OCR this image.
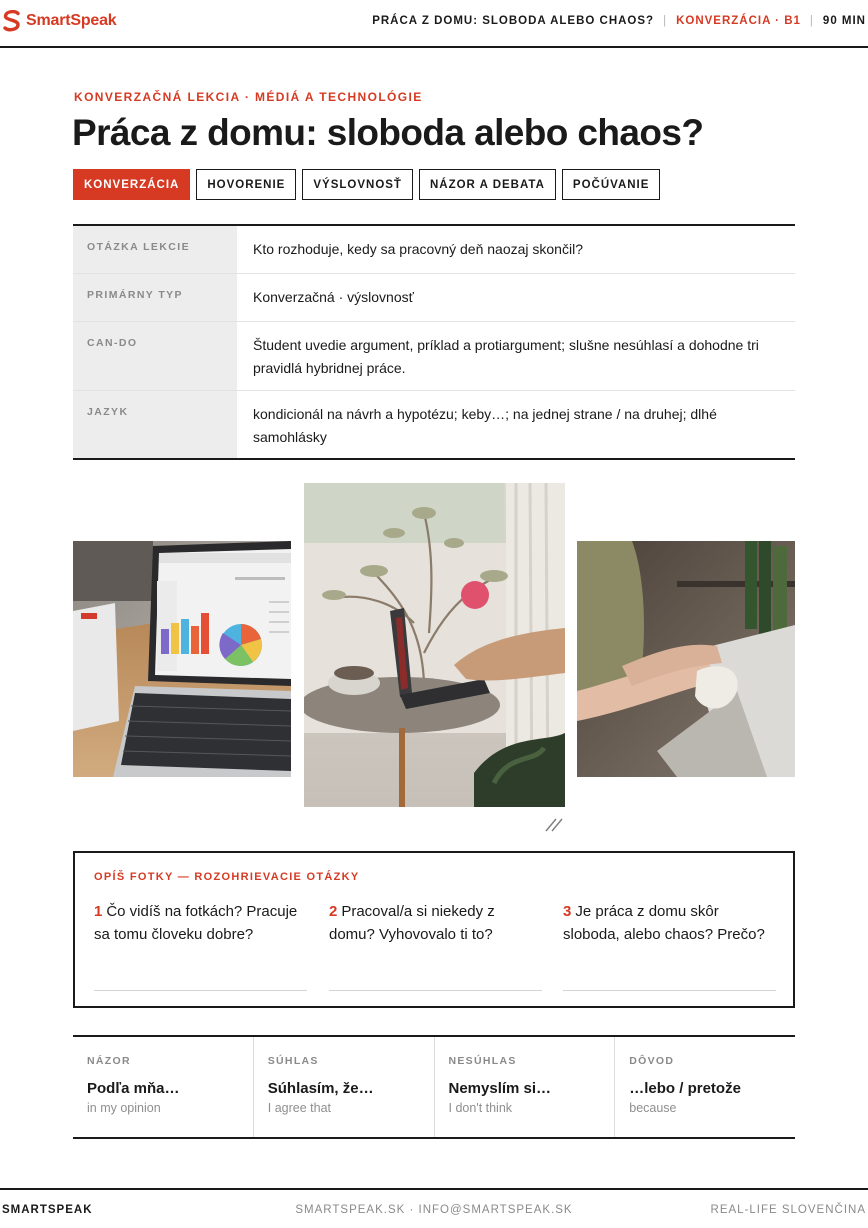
SmartSpeak	PRÁCA Z DOMU: SLOBODA ALEBO CHAOS? | KONVERZÁCIA · B1 | 90 MIN
KONVERZAČNÁ LEKCIA · MÉDIÁ A TECHNOLÓGIE
Práca z domu: sloboda alebo chaos?
KONVERZÁCIA	HOVORENIE	VÝSLOVNOSŤ	NÁZOR A DEBATA	POČÚVANIE
OTÁZKA LEKCIE	Kto rozhoduje, kedy sa pracovný deň naozaj skončil?
PRIMÁRNY TYP	Konverzačná · výslovnosť
CAN-DO	Študent uvedie argument, príklad a protiargument; slušne nesúhlasí a dohodne tri pravidlá hybridnej práce.
JAZYK	kondicionál na návrh a hypotézu; keby…; na jednej strane / na druhej; dlhé samohlásky
OPÍŠ FOTKY — ROZOHRIEVACIE OTÁZKY
1 Čo vidíš na fotkách? Pracuje sa tomu človeku dobre?
2 Pracoval/a si niekedy z domu? Vyhovovalo ti to?
3 Je práca z domu skôr sloboda, alebo chaos? Prečo?
NÁZOR
Podľa mňa…
in my opinion
SÚHLAS
Súhlasím, že…
I agree that
NESÚHLAS
Nemyslím si…
I don't think
DÔVOD
…lebo / pretože
because
SMARTSPEAK	SMARTSPEAK.SK · INFO@SMARTSPEAK.SK	REAL-LIFE SLOVENČINA
